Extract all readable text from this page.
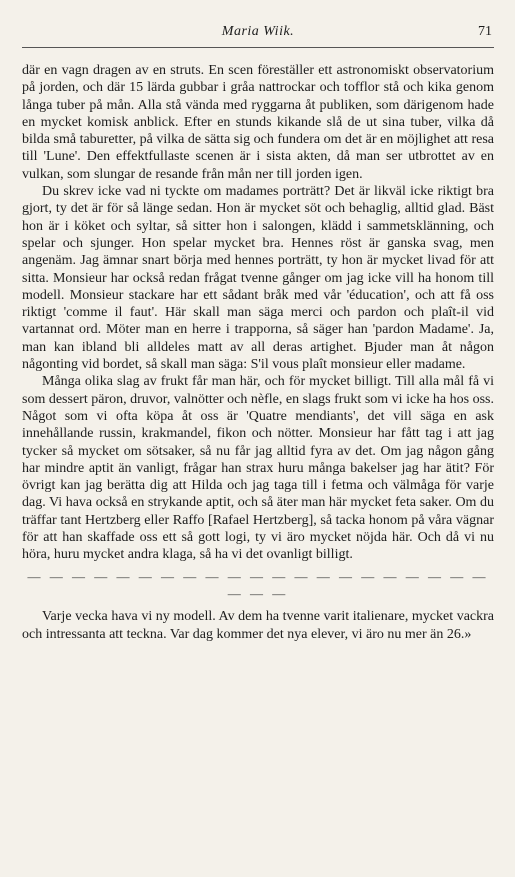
Maria Wiik.	71

där en vagn dragen av en struts. En scen föreställer ett astronomiskt observatorium på jorden, och där 15 lärda gubbar i gråa nattrockar och tofflor stå och kika genom långa tuber på mån. Alla stå vända med ryggarna åt publiken, som därigenom hade en mycket komisk anblick. Efter en stunds kikande slå de ut sina tuber, vilka då bilda små taburetter, på vilka de sätta sig och fundera om det är en möjlighet att resa till 'Lune'. Den effektfullaste scenen är i sista akten, då man ser utbrottet av en vulkan, som slungar de resande från mån ner till jorden igen.

Du skrev icke vad ni tyckte om madames porträtt? Det är likväl icke riktigt bra gjort, ty det är för så länge sedan. Hon är mycket söt och behaglig, alltid glad. Bäst hon är i köket och syltar, så sitter hon i salongen, klädd i sammetsklänning, och spelar och sjunger. Hon spelar mycket bra. Hennes röst är ganska svag, men angenäm. Jag ämnar snart börja med hennes porträtt, ty hon är mycket livad för att sitta. Monsieur har också redan frågat tvenne gånger om jag icke vill ha honom till modell. Monsieur stackare har ett sådant bråk med vår 'éducation', och att få oss riktigt 'comme il faut'. Här skall man säga merci och pardon och plaît-il vid vartannat ord. Möter man en herre i trapporna, så säger han 'pardon Madame'. Ja, man kan ibland bli alldeles matt av all deras artighet. Bjuder man åt någon någonting vid bordet, så skall man säga: S'il vous plaît monsieur eller madame.

Många olika slag av frukt får man här, och för mycket billigt. Till alla mål få vi som dessert päron, druvor, valnötter och nèfle, en slags frukt som vi icke ha hos oss. Något som vi ofta köpa åt oss är 'Quatre mendiants', det vill säga en ask innehållande russin, krakmandel, fikon och nötter. Monsieur har fått tag i att jag tycker så mycket om sötsaker, så nu får jag alltid fyra av det. Om jag någon gång har mindre aptit än vanligt, frågar han strax huru många bakelser jag har ätit? För övrigt kan jag berätta dig att Hilda och jag taga till i fetma och välmåga för varje dag. Vi hava också en strykande aptit, och så äter man här mycket feta saker. Om du träffar tant Hertzberg eller Raffo [Rafael Hertzberg], så tacka honom på våra vägnar för att han skaffade oss ett så gott logi, ty vi äro mycket nöjda här. Och då vi nu höra, huru mycket andra klaga, så ha vi det ovanligt billigt.

— — — — — — — — — — — — — — — — — — — — — — — —

Varje vecka hava vi ny modell. Av dem ha tvenne varit italienare, mycket vackra och intressanta att teckna. Var dag kommer det nya elever, vi äro nu mer än 26.»
